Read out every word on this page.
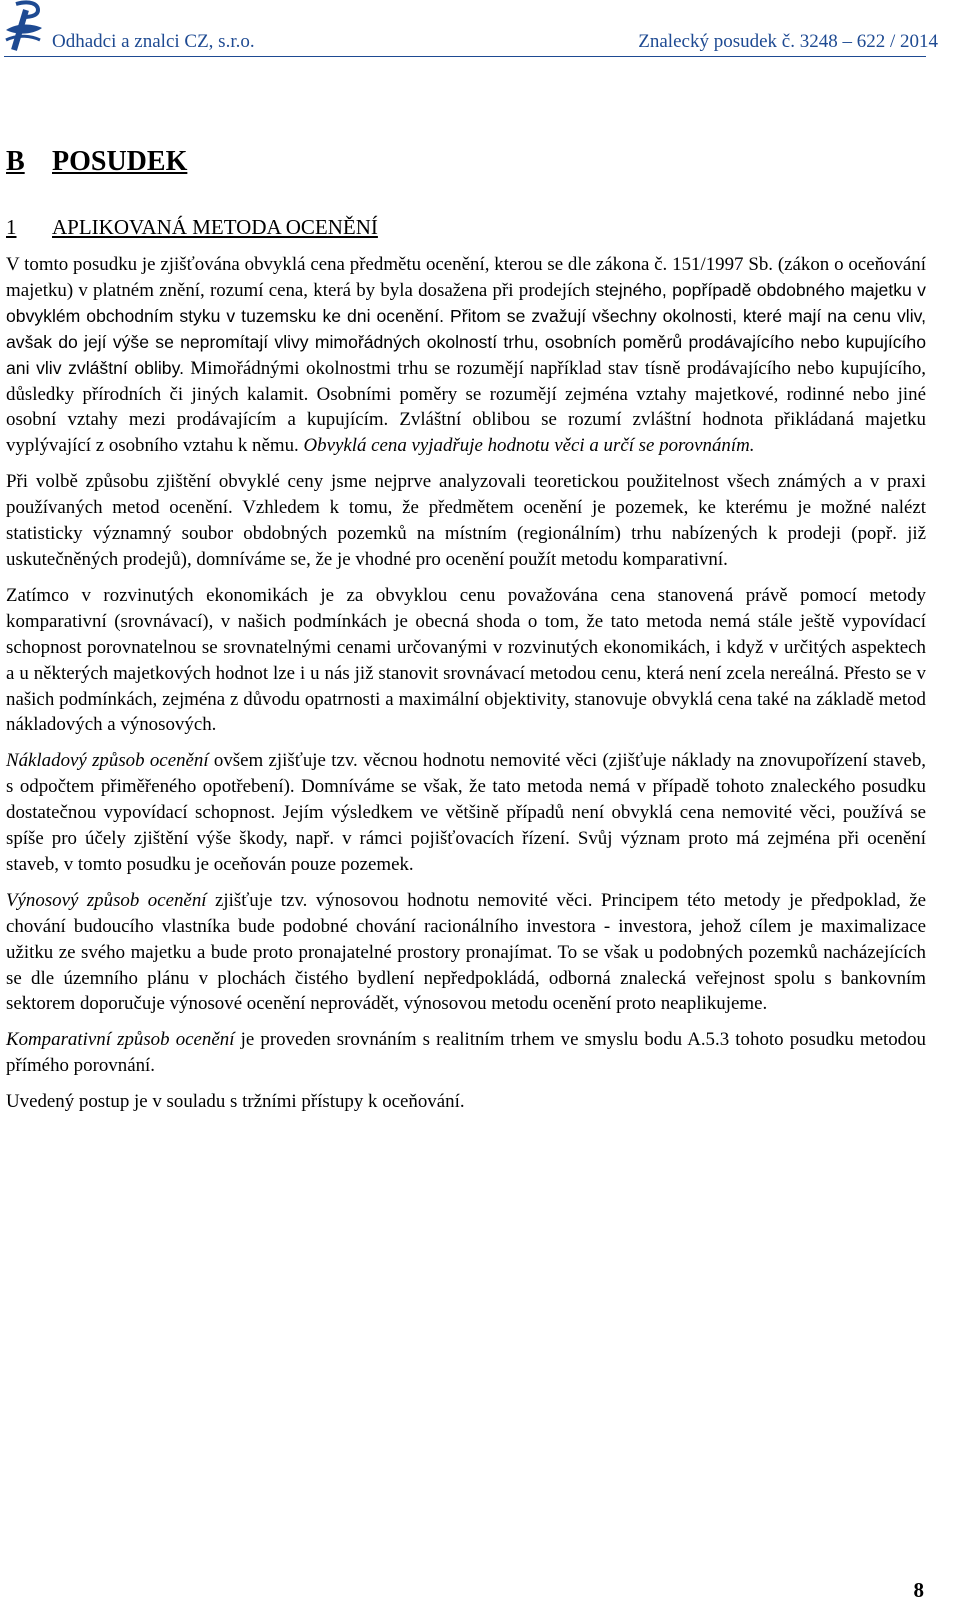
Odhadci a znalci CZ, s.r.o.	Znalecký posudek č. 3248 – 622 / 2014
B POSUDEK
1 APLIKOVANÁ METODA OCENĚNÍ

V tomto posudku je zjišťována obvyklá cena předmětu ocenění, kterou se dle zákona č. 151/1997 Sb. (zákon o oceňování majetku) v platném znění, rozumí cena, která by byla dosažena při prodejích stejného, popřípadě obdobného majetku v obvyklém obchodním styku v tuzemsku ke dni ocenění. Přitom se zvažují všechny okolnosti, které mají na cenu vliv, avšak do její výše se nepromítají vlivy mimořádných okolností trhu, osobních poměrů prodávajícího nebo kupujícího ani vliv zvláštní obliby. Mimořádnými okolnostmi trhu se rozumějí například stav tísně prodávajícího nebo kupujícího, důsledky přírodních či jiných kalamit. Osobními poměry se rozumějí zejména vztahy majetkové, rodinné nebo jiné osobní vztahy mezi prodávajícím a kupujícím. Zvláštní oblibou se rozumí zvláštní hodnota přikládaná majetku vyplývající z osobního vztahu k němu. Obvyklá cena vyjadřuje hodnotu věci a určí se porovnáním.

Při volbě způsobu zjištění obvyklé ceny jsme nejprve analyzovali teoretickou použitelnost všech známých a v praxi používaných metod ocenění. Vzhledem k tomu, že předmětem ocenění je pozemek, ke kterému je možné nalézt statisticky významný soubor obdobných pozemků na místním (regionálním) trhu nabízených k prodeji (popř. již uskutečněných prodejů), domníváme se, že je vhodné pro ocenění použít metodu komparativní.

Zatímco v rozvinutých ekonomikách je za obvyklou cenu považována cena stanovená právě pomocí metody komparativní (srovnávací), v našich podmínkách je obecná shoda o tom, že tato metoda nemá stále ještě vypovídací schopnost porovnatelnou se srovnatelnými cenami určovanými v rozvinutých ekonomikách, i když v určitých aspektech a u některých majetkových hodnot lze i u nás již stanovit srovnávací metodou cenu, která není zcela nereálná. Přesto se v našich podmínkách, zejména z důvodu opatrnosti a maximální objektivity, stanovuje obvyklá cena také na základě metod nákladových a výnosových.

Nákladový způsob ocenění ovšem zjišťuje tzv. věcnou hodnotu nemovité věci (zjišťuje náklady na znovupořízení staveb, s odpočtem přiměřeného opotřebení). Domníváme se však, že tato metoda nemá v případě tohoto znaleckého posudku dostatečnou vypovídací schopnost. Jejím výsledkem ve většině případů není obvyklá cena nemovité věci, používá se spíše pro účely zjištění výše škody, např. v rámci pojišťovacích řízení. Svůj význam proto má zejména při ocenění staveb, v tomto posudku je oceňován pouze pozemek.

Výnosový způsob ocenění zjišťuje tzv. výnosovou hodnotu nemovité věci. Principem této metody je předpoklad, že chování budoucího vlastníka bude podobné chování racionálního investora - investora, jehož cílem je maximalizace užitku ze svého majetku a bude proto pronajatelné prostory pronajímat. To se však u podobných pozemků nacházejících se dle územního plánu v plochách čistého bydlení nepředpokládá, odborná znalecká veřejnost spolu s bankovním sektorem doporučuje výnosové ocenění neprovádět, výnosovou metodu ocenění proto neaplikujeme.

Komparativní způsob ocenění je proveden srovnáním s realitním trhem ve smyslu bodu A.5.3 tohoto posudku metodou přímého porovnání.

Uvedený postup je v souladu s tržními přístupy k oceňování.

8
